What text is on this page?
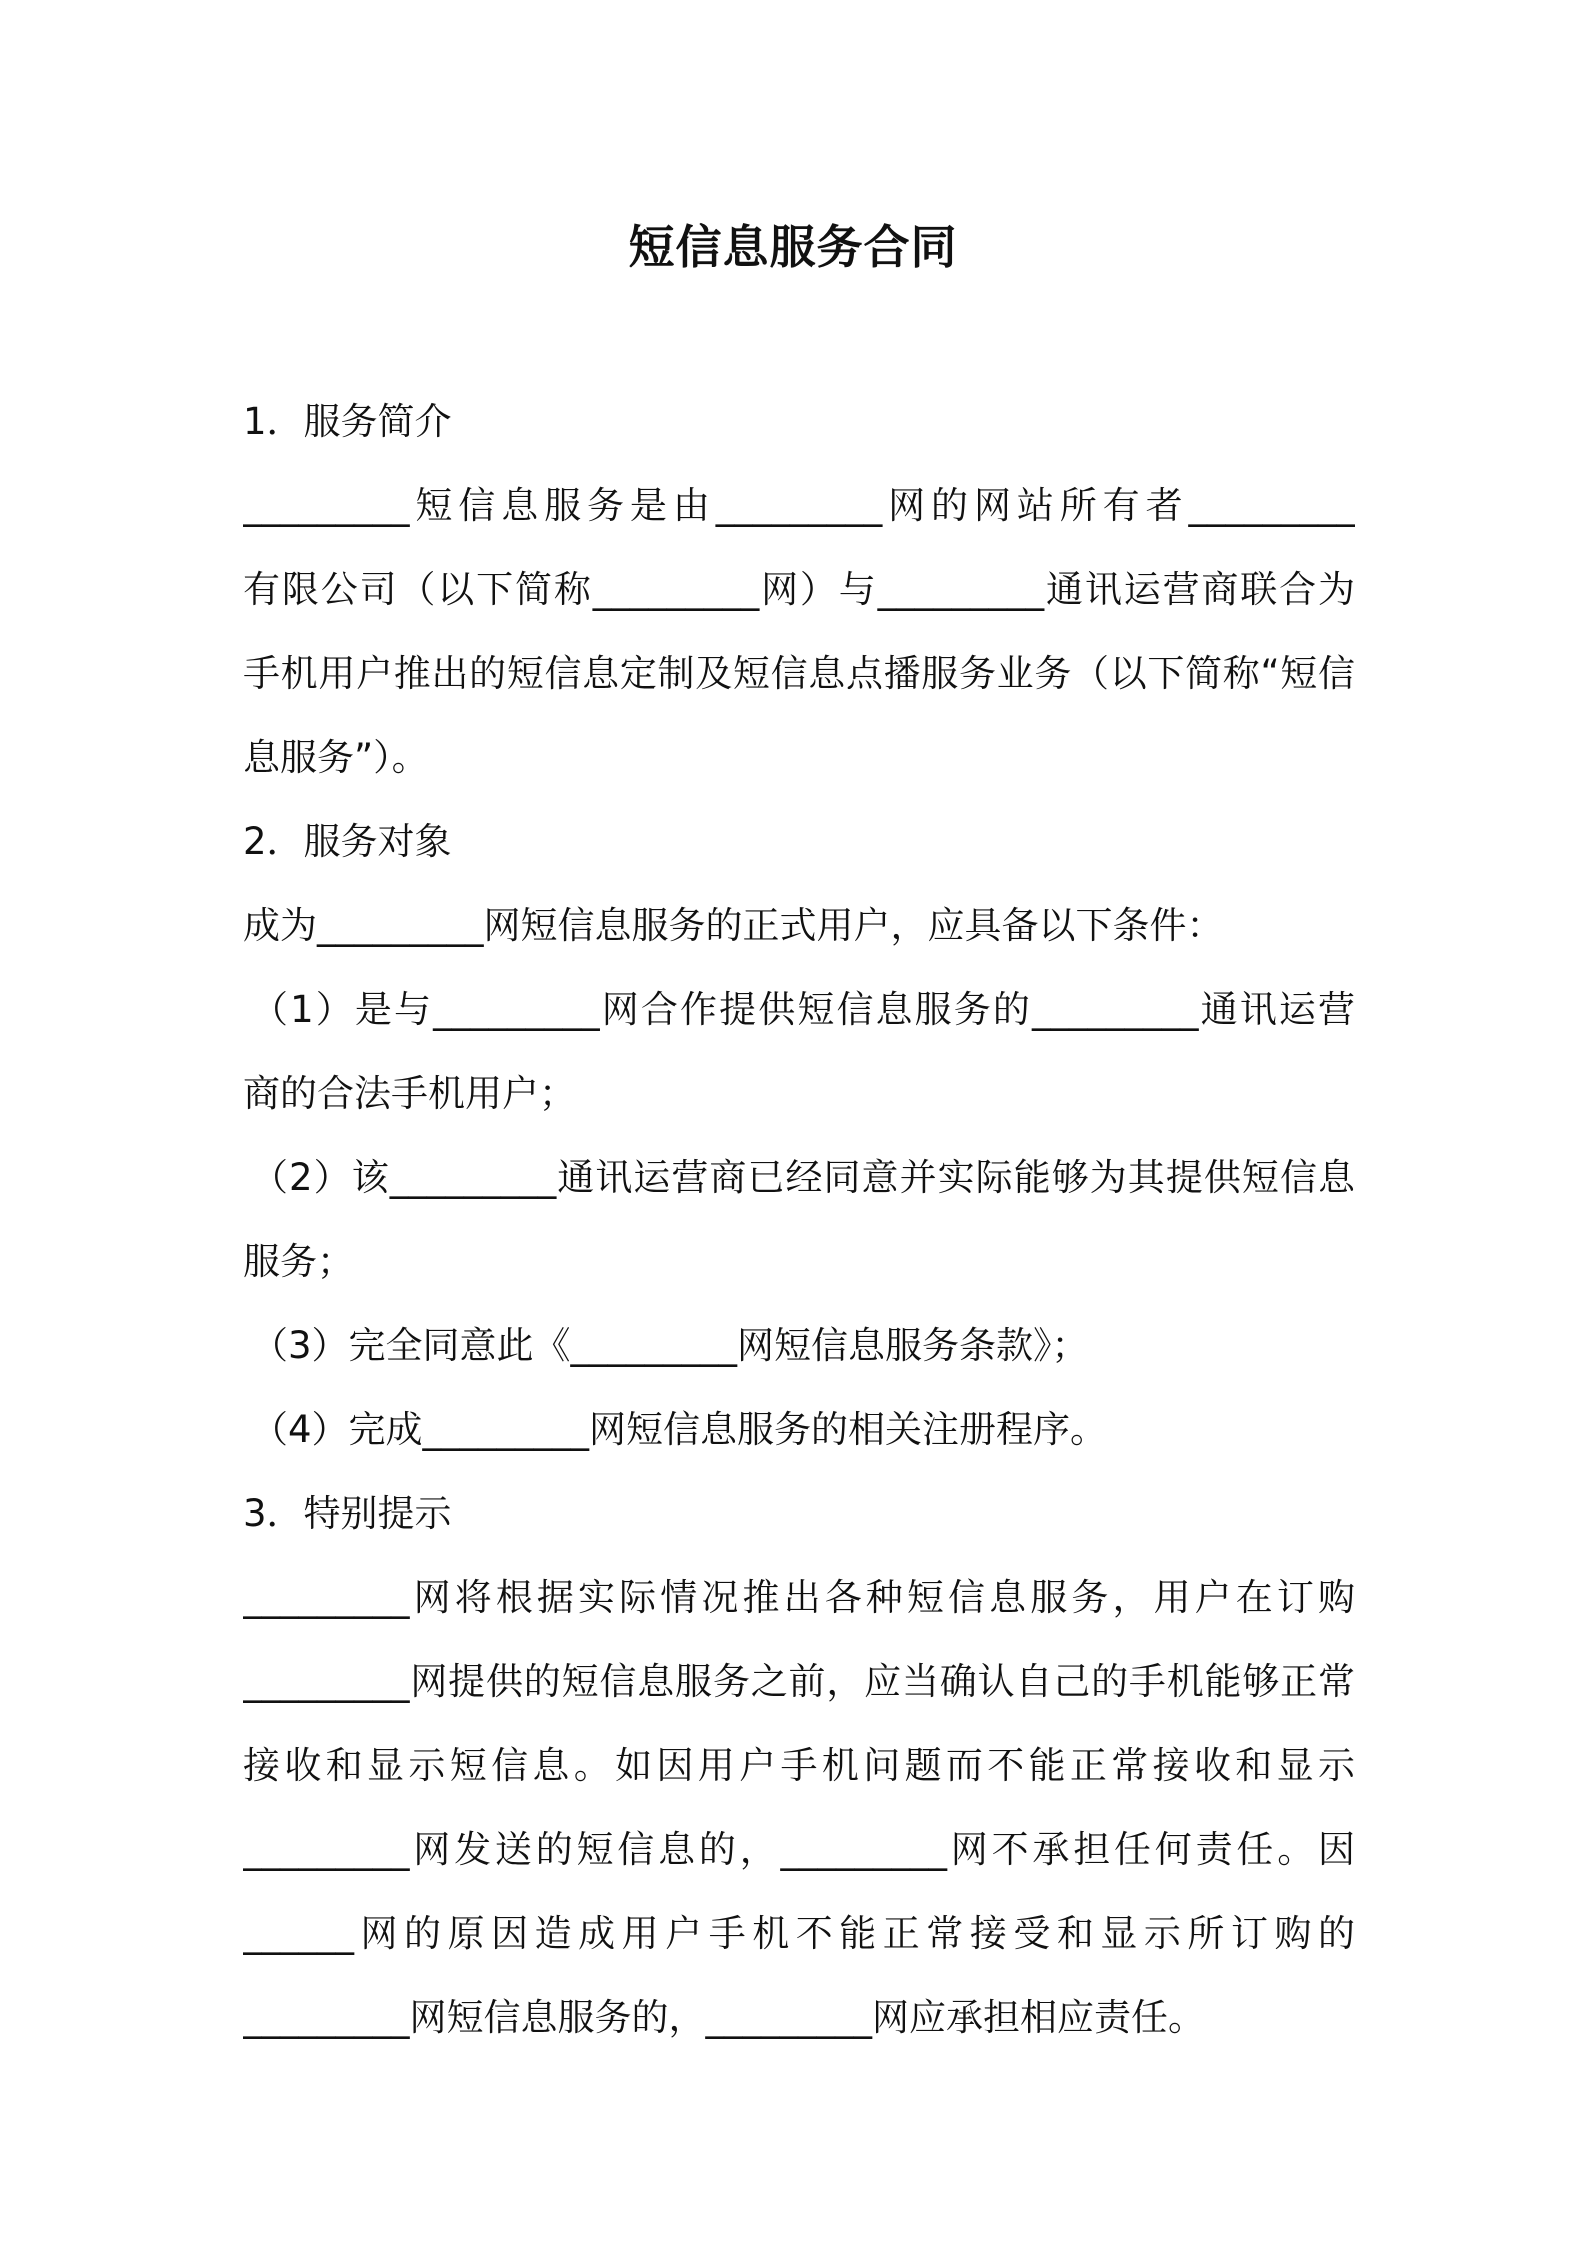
短信息服务合同
1．服务简介
_________短信息服务是由_________网的网站所有者_________
有限公司（以下简称_________网）与_________通讯运营商联合为
手机用户推出的短信息定制及短信息点播服务业务（以下简称“短信
息服务”）。
2．服务对象
成为_________网短信息服务的正式用户，应具备以下条件：
（1）是与_________网合作提供短信息服务的_________通讯运营
商的合法手机用户；
（2）该_________通讯运营商已经同意并实际能够为其提供短信息
服务；
（3）完全同意此《_________网短信息服务条款》；
（4）完成_________网短信息服务的相关注册程序。
3．特别提示
_________网将根据实际情况推出各种短信息服务，用户在订购
_________网提供的短信息服务之前，应当确认自己的手机能够正常
接收和显示短信息。如因用户手机问题而不能正常接收和显示
_________网发送的短信息的，_________网不承担任何责任。因
______网的原因造成用户手机不能正常接受和显示所订购的
_________网短信息服务的，_________网应承担相应责任。
